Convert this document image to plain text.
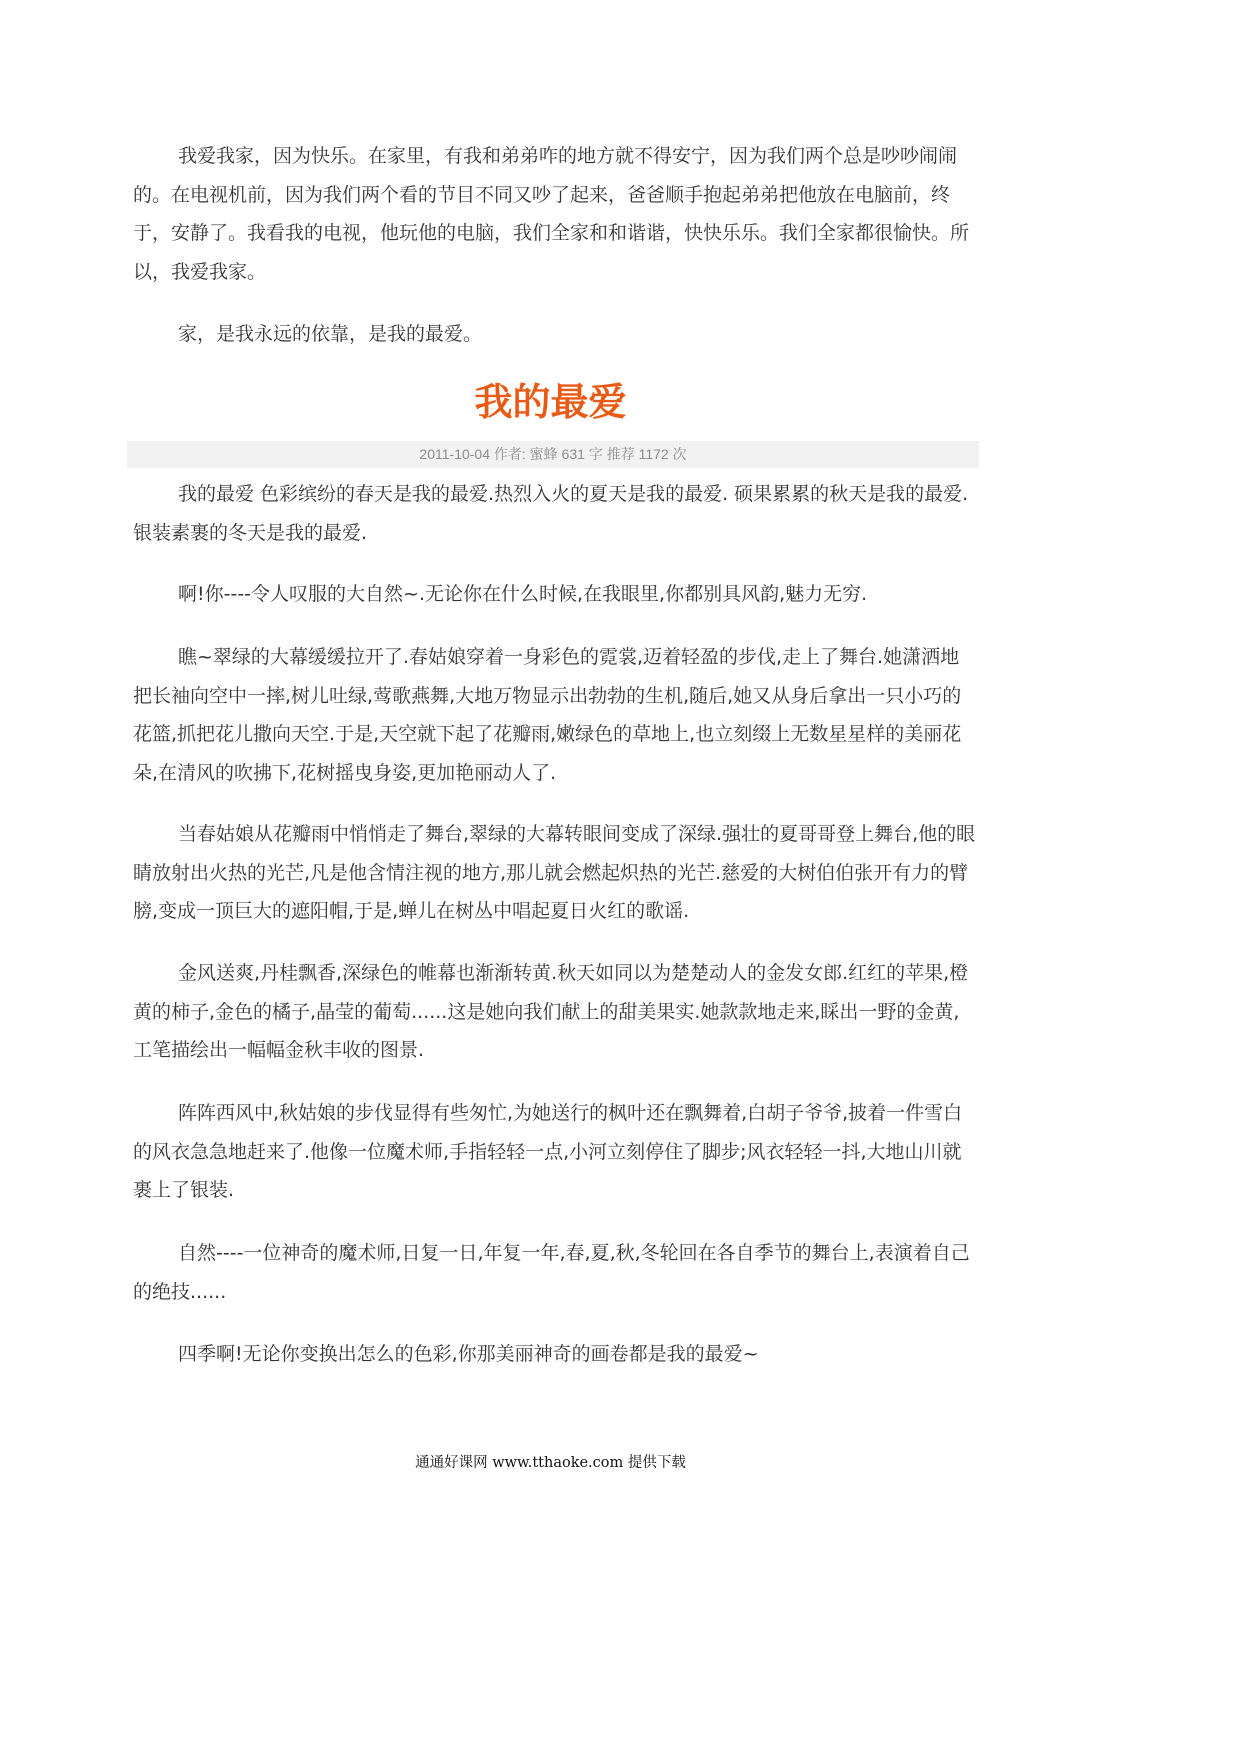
我爱我家，因为快乐。在家里，有我和弟弟咋的地方就不得安宁，因为我们两个总是吵吵闹闹的。在电视机前，因为我们两个看的节目不同又吵了起来，爸爸顺手抱起弟弟把他放在电脑前，终于，安静了。我看我的电视，他玩他的电脑，我们全家和和谐谐，快快乐乐。我们全家都很愉快。所以，我爱我家。

家，是我永远的依靠，是我的最爱。

我的最爱
2011-10-04 作者: 蜜蜂 631 字 推荐 1172 次

我的最爱 色彩缤纷的春天是我的最爱.热烈入火的夏天是我的最爱. 硕果累累的秋天是我的最爱. 银装素裹的冬天是我的最爱.

啊!你----令人叹服的大自然~.无论你在什么时候,在我眼里,你都别具风韵,魅力无穷.

瞧~翠绿的大幕缓缓拉开了.春姑娘穿着一身彩色的霓裳,迈着轻盈的步伐,走上了舞台.她潇洒地把长袖向空中一摔,树儿吐绿,莺歌燕舞,大地万物显示出勃勃的生机,随后,她又从身后拿出一只小巧的花篮,抓把花儿撒向天空.于是,天空就下起了花瓣雨,嫩绿色的草地上,也立刻缀上无数星星样的美丽花朵,在清风的吹拂下,花树摇曳身姿,更加艳丽动人了.

当春姑娘从花瓣雨中悄悄走了舞台,翠绿的大幕转眼间变成了深绿.强壮的夏哥哥登上舞台,他的眼睛放射出火热的光芒,凡是他含情注视的地方,那儿就会燃起炽热的光芒.慈爱的大树伯伯张开有力的臂膀,变成一顶巨大的遮阳帽,于是,蝉儿在树丛中唱起夏日火红的歌谣.

金风送爽,丹桂飘香,深绿色的帷幕也渐渐转黄.秋天如同以为楚楚动人的金发女郎.红红的苹果,橙黄的柿子,金色的橘子,晶莹的葡萄......这是她向我们献上的甜美果实.她款款地走来,睬出一野的金黄,工笔描绘出一幅幅金秋丰收的图景.

阵阵西风中,秋姑娘的步伐显得有些匆忙,为她送行的枫叶还在飘舞着,白胡子爷爷,披着一件雪白的风衣急急地赶来了.他像一位魔术师,手指轻轻一点,小河立刻停住了脚步;风衣轻轻一抖,大地山川就裹上了银装.

自然----一位神奇的魔术师,日复一日,年复一年,春,夏,秋,冬轮回在各自季节的舞台上,表演着自己的绝技......

四季啊!无论你变换出怎么的色彩,你那美丽神奇的画卷都是我的最爱~

通通好课网 www.tthaoke.com 提供下载
